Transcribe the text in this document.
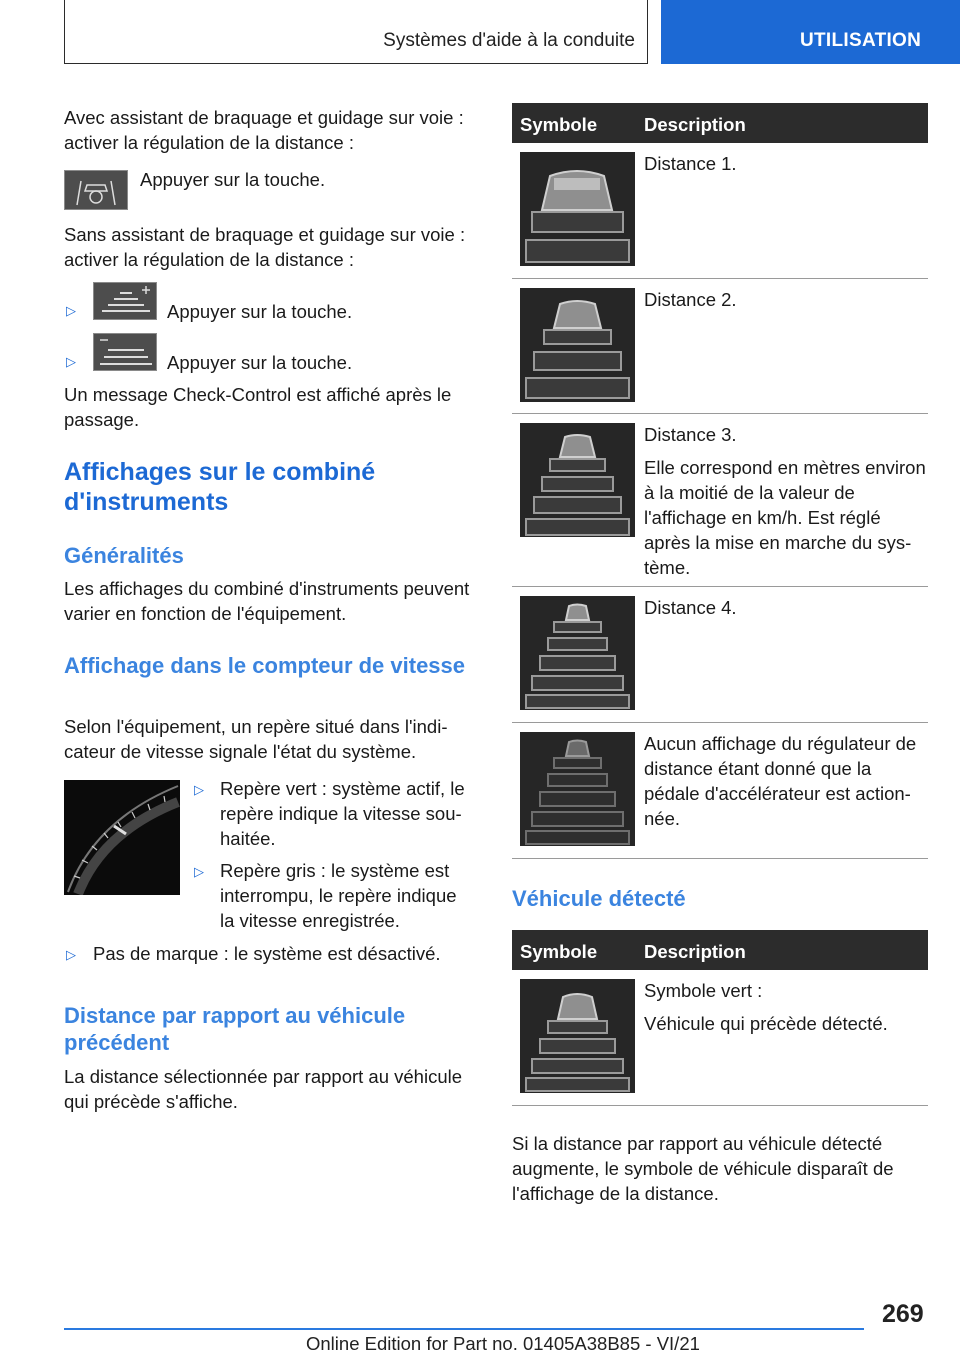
Systèmes d'aide à la conduite	UTILISATION
Avec assistant de braquage et guidage sur voie : activer la régulation de la distance :
Appuyer sur la touche.
Sans assistant de braquage et guidage sur voie : activer la régulation de la distance :
▷	Appuyer sur la touche.
▷	Appuyer sur la touche.
Un message Check-Control est affiché après le passage.
Affichages sur le combiné d'instruments
Généralités
Les affichages du combiné d'instruments peuvent varier en fonction de l'équipement.
Affichage dans le compteur de vitesse
Selon l'équipement, un repère situé dans l'indicateur de vitesse signale l'état du système.
▷ Repère vert : système actif, le repère indique la vitesse souhaitée.
▷ Repère gris : le système est interrompu, le repère indique la vitesse enregistrée.
▷ Pas de marque : le système est désactivé.
Distance par rapport au véhicule précédent
La distance sélectionnée par rapport au véhicule qui précède s'affiche.
Symbole	Description
Distance 1.
Distance 2.
Distance 3.
Elle correspond en mètres environ à la moitié de la valeur de l'affichage en km/h. Est réglé après la mise en marche du système.
Distance 4.
Aucun affichage du régulateur de distance étant donné que la pédale d'accélérateur est actionnée.
Véhicule détecté
Symbole	Description
Symbole vert :
Véhicule qui précède détecté.
Si la distance par rapport au véhicule détecté augmente, le symbole de véhicule disparaît de l'affichage de la distance.
269
Online Edition for Part no. 01405A38B85 - VI/21
